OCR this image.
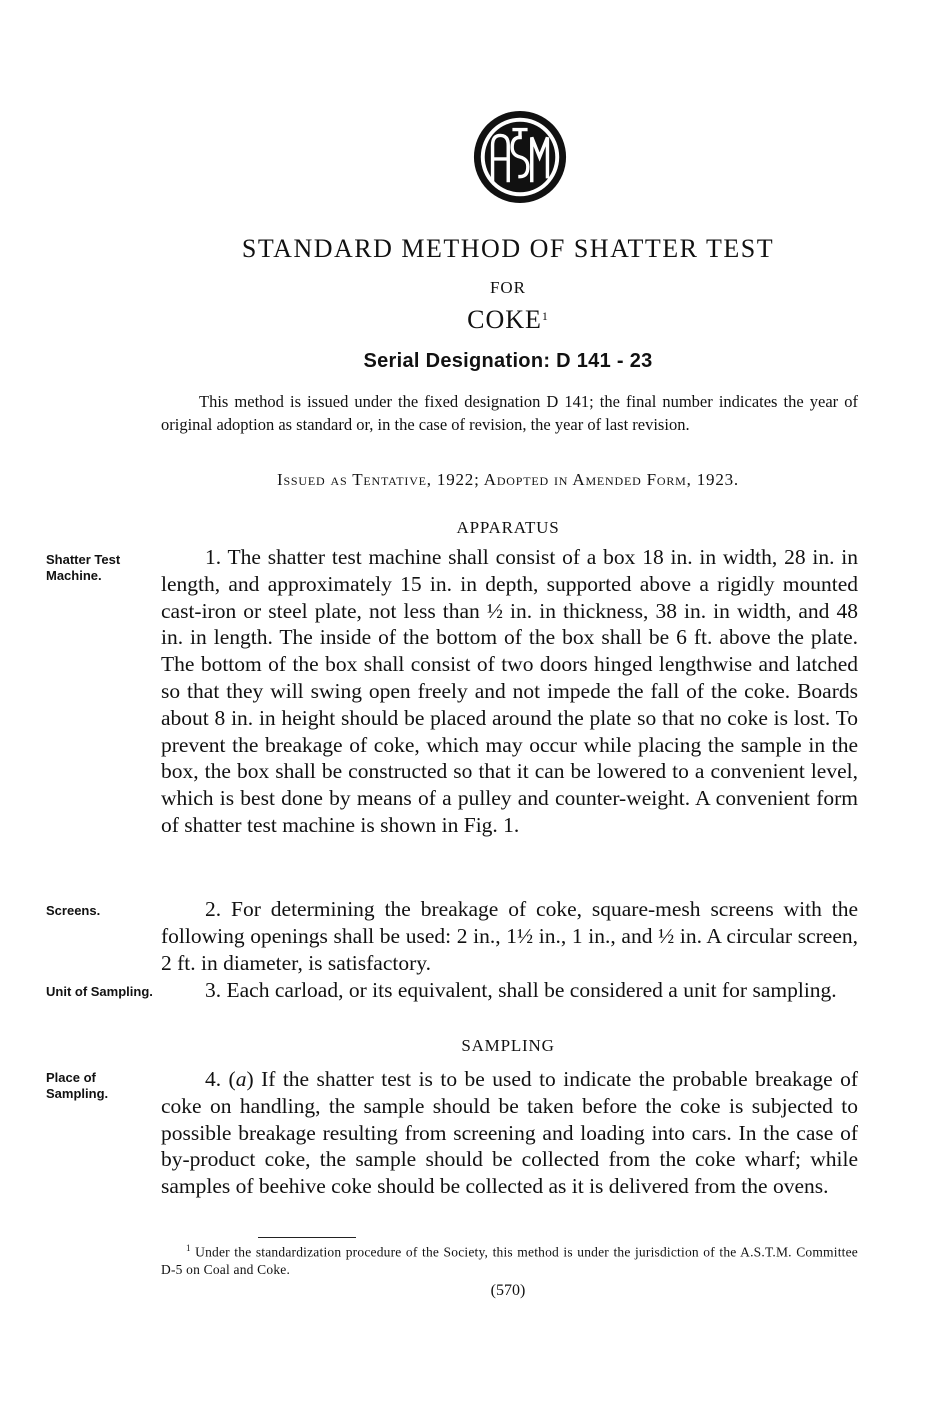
STANDARD METHOD OF SHATTER TEST
FOR
COKE$^1$
Serial Designation: D 141 - 23

This method is issued under the fixed designation D 141; the final number indicates the year of original adoption as standard or, in the case of revision, the year of last revision.

Issued as Tentative, 1922; Adopted in Amended Form, 1923.

APPARATUS

Shatter Test Machine.

1. The shatter test machine shall consist of a box 18 in. in width, 28 in. in length, and approximately 15 in. in depth, supported above a rigidly mounted cast-iron or steel plate, not less than ½ in. in thickness, 38 in. in width, and 48 in. in length. The inside of the bottom of the box shall be 6 ft. above the plate. The bottom of the box shall consist of two doors hinged lengthwise and latched so that they will swing open freely and not impede the fall of the coke. Boards about 8 in. in height should be placed around the plate so that no coke is lost. To prevent the breakage of coke, which may occur while placing the sample in the box, the box shall be constructed so that it can be lowered to a convenient level, which is best done by means of a pulley and counter-weight. A convenient form of shatter test machine is shown in Fig. 1.

Screens.	2. For determining the breakage of coke, square-mesh screens with the following openings shall be used: 2 in., 1½ in., 1 in., and ½ in. A circular screen, 2 ft. in diameter, is satisfactory.

Unit of Sampling.	3. Each carload, or its equivalent, shall be considered a unit for sampling.

SAMPLING

Place of Sampling.

4. (a) If the shatter test is to be used to indicate the probable breakage of coke on handling, the sample should be taken before the coke is subjected to possible breakage resulting from screening and loading into cars. In the case of by-product coke, the sample should be collected from the coke wharf; while samples of beehive coke should be collected as it is delivered from the ovens.

$^1$ Under the standardization procedure of the Society, this method is under the jurisdiction of the A.S.T.M. Committee D-5 on Coal and Coke.

(570)
